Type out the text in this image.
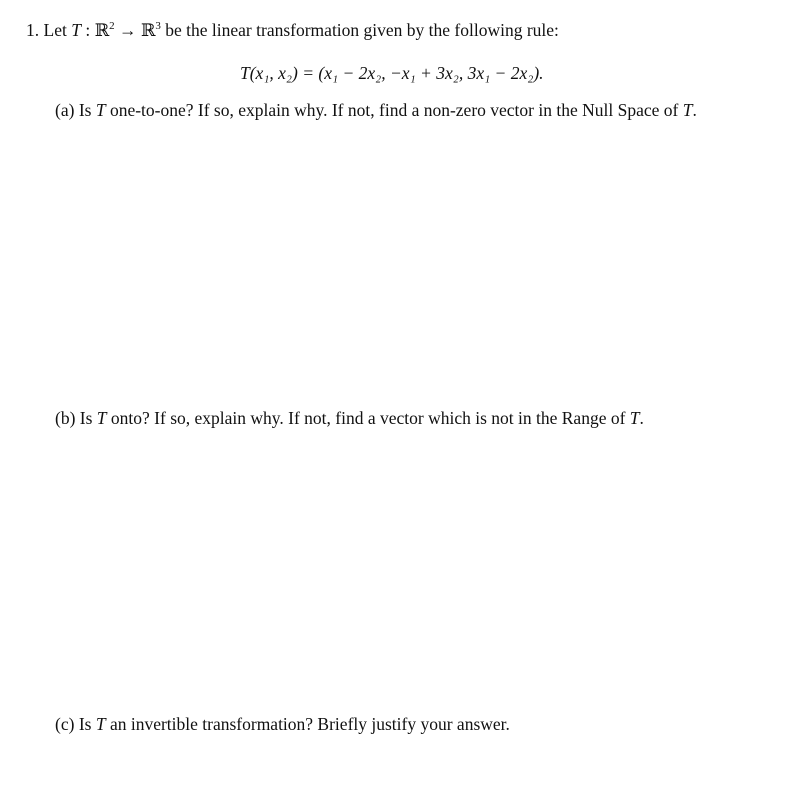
1. Let T : ℝ$^2$ → ℝ$^3$ be the linear transformation given by the following rule:
T(x₁, x₂) = (x₁ − 2x₂, −x₁ + 3x₂, 3x₁ − 2x₂).
(a) Is T one-to-one? If so, explain why. If not, find a non-zero vector in the Null Space of T.
(b) Is T onto? If so, explain why. If not, find a vector which is not in the Range of T.
(c) Is T an invertible transformation? Briefly justify your answer.
